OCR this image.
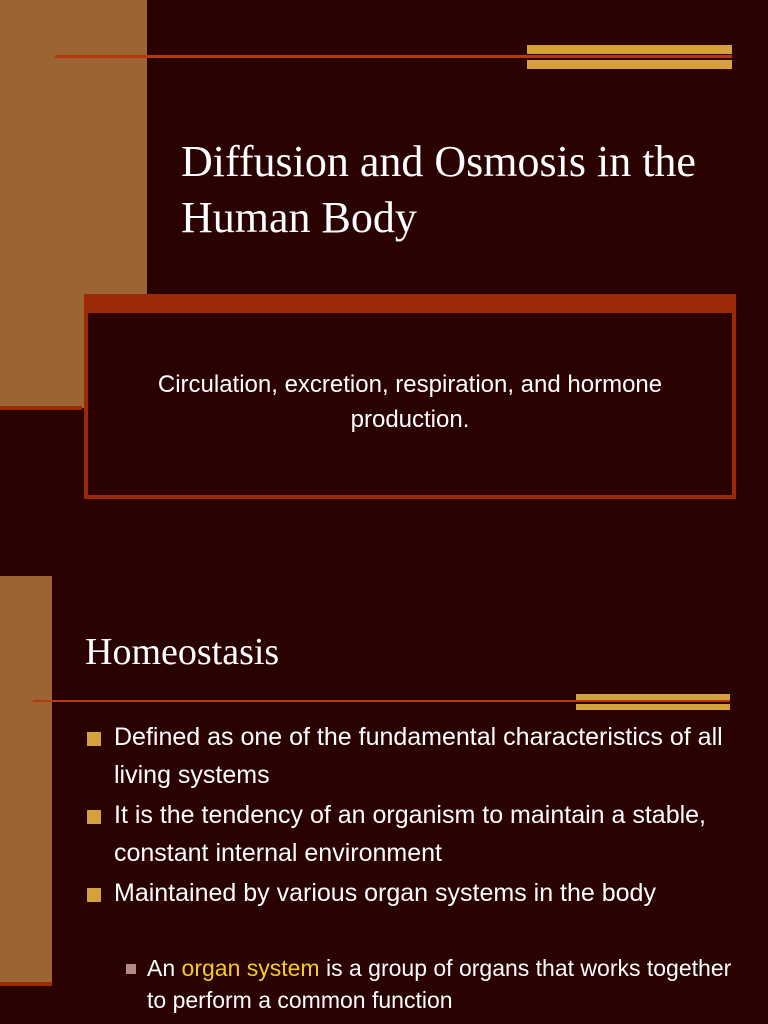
Diffusion and Osmosis in the Human Body

Circulation, excretion, respiration, and hormone production.

Homeostasis
Defined as one of the fundamental characteristics of all living systems
It is the tendency of an organism to maintain a stable, constant internal environment
Maintained by various organ systems in the body
An organ system is a group of organs that works together to perform a common function
